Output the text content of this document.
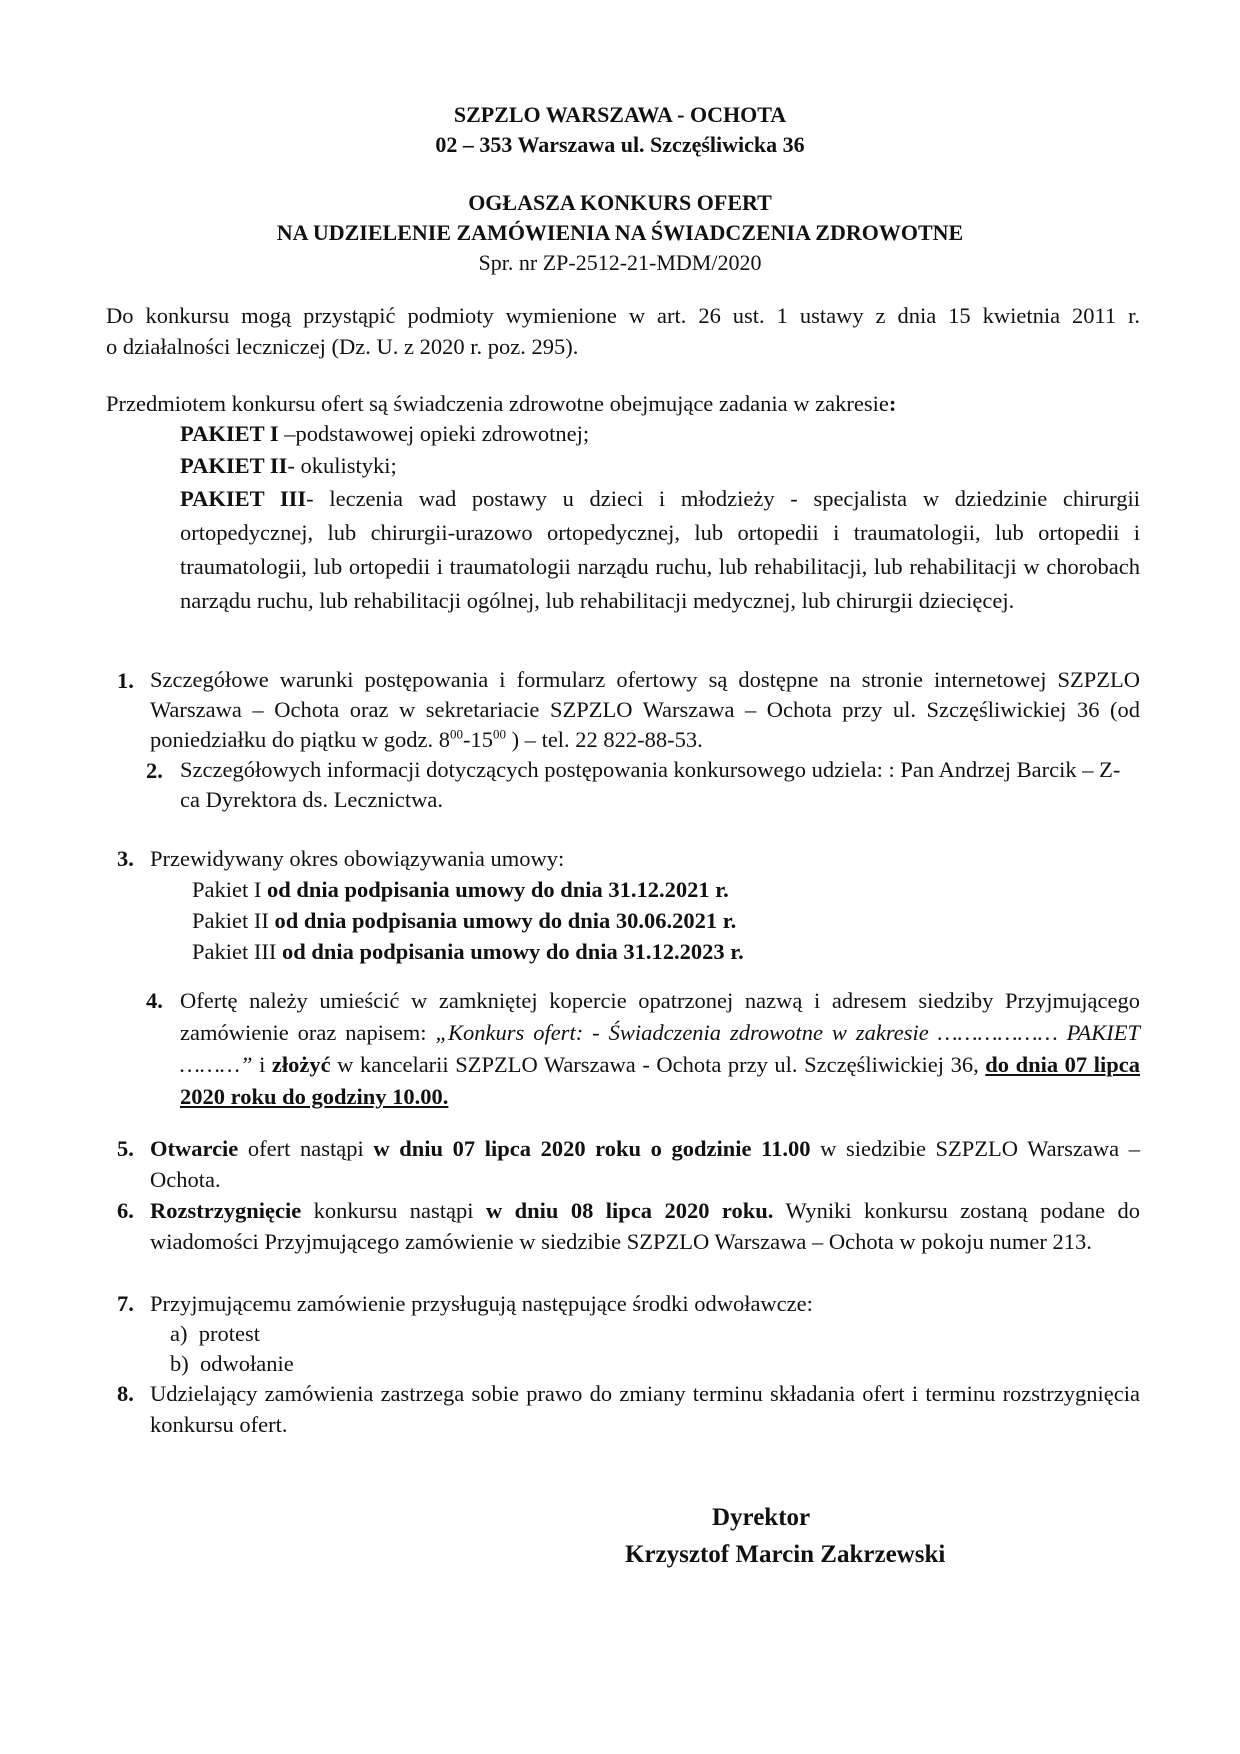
SZPZLO WARSZAWA - OCHOTA
02 – 353 Warszawa ul. Szczęśliwicka 36
OGŁASZA KONKURS OFERT
NA UDZIELENIE ZAMÓWIENIA NA ŚWIADCZENIA ZDROWOTNE
Spr. nr ZP-2512-21-MDM/2020
Do konkursu mogą przystąpić podmioty wymienione w art. 26 ust. 1 ustawy z dnia 15 kwietnia 2011 r.
o działalności leczniczej (Dz. U. z 2020 r. poz. 295).
Przedmiotem konkursu ofert są świadczenia zdrowotne obejmujące zadania w zakresie:
PAKIET I –podstawowej opieki zdrowotnej;
PAKIET II- okulistyki;
PAKIET III- leczenia wad postawy u dzieci i młodzieży - specjalista w dziedzinie chirurgii ortopedycznej, lub chirurgii-urazowo ortopedycznej, lub ortopedii i traumatologii, lub ortopedii i traumatologii, lub ortopedii i traumatologii narządu ruchu, lub rehabilitacji, lub rehabilitacji w chorobach narządu ruchu, lub rehabilitacji ogólnej, lub rehabilitacji medycznej, lub chirurgii dziecięcej.
1. Szczegółowe warunki postępowania i formularz ofertowy są dostępne na stronie internetowej SZPZLO Warszawa – Ochota oraz w sekretariacie SZPZLO Warszawa – Ochota przy ul. Szczęśliwickiej 36 (od poniedziałku do piątku w godz. $8^{00}-15^{00}$ ) – tel. 22 822-88-53.
2. Szczegółowych informacji dotyczących postępowania konkursowego udziela: : Pan Andrzej Barcik – Z-ca Dyrektora ds. Lecznictwa.
3. Przewidywany okres obowiązywania umowy:
Pakiet I od dnia podpisania umowy do dnia 31.12.2021 r.
Pakiet II od dnia podpisania umowy do dnia 30.06.2021 r.
Pakiet III od dnia podpisania umowy do dnia 31.12.2023 r.
4. Ofertę należy umieścić w zamkniętej kopercie opatrzonej nazwą i adresem siedziby Przyjmującego zamówienie oraz napisem: „Konkurs ofert: - Świadczenia zdrowotne w zakresie ……………… PAKIET ………” i złożyć w kancelarii SZPZLO Warszawa - Ochota przy ul. Szczęśliwickiej 36, do dnia 07 lipca 2020 roku do godziny 10.00.
5. Otwarcie ofert nastąpi w dniu 07 lipca 2020 roku o godzinie 11.00 w siedzibie SZPZLO Warszawa – Ochota.
6. Rozstrzygnięcie konkursu nastąpi w dniu 08 lipca 2020 roku. Wyniki konkursu zostaną podane do wiadomości Przyjmującego zamówienie w siedzibie SZPZLO Warszawa – Ochota w pokoju numer 213.
7. Przyjmującemu zamówienie przysługują następujące środki odwoławcze:
a) protest
b) odwołanie
8. Udzielający zamówienia zastrzega sobie prawo do zmiany terminu składania ofert i terminu rozstrzygnięcia konkursu ofert.
Dyrektor
Krzysztof Marcin Zakrzewski
